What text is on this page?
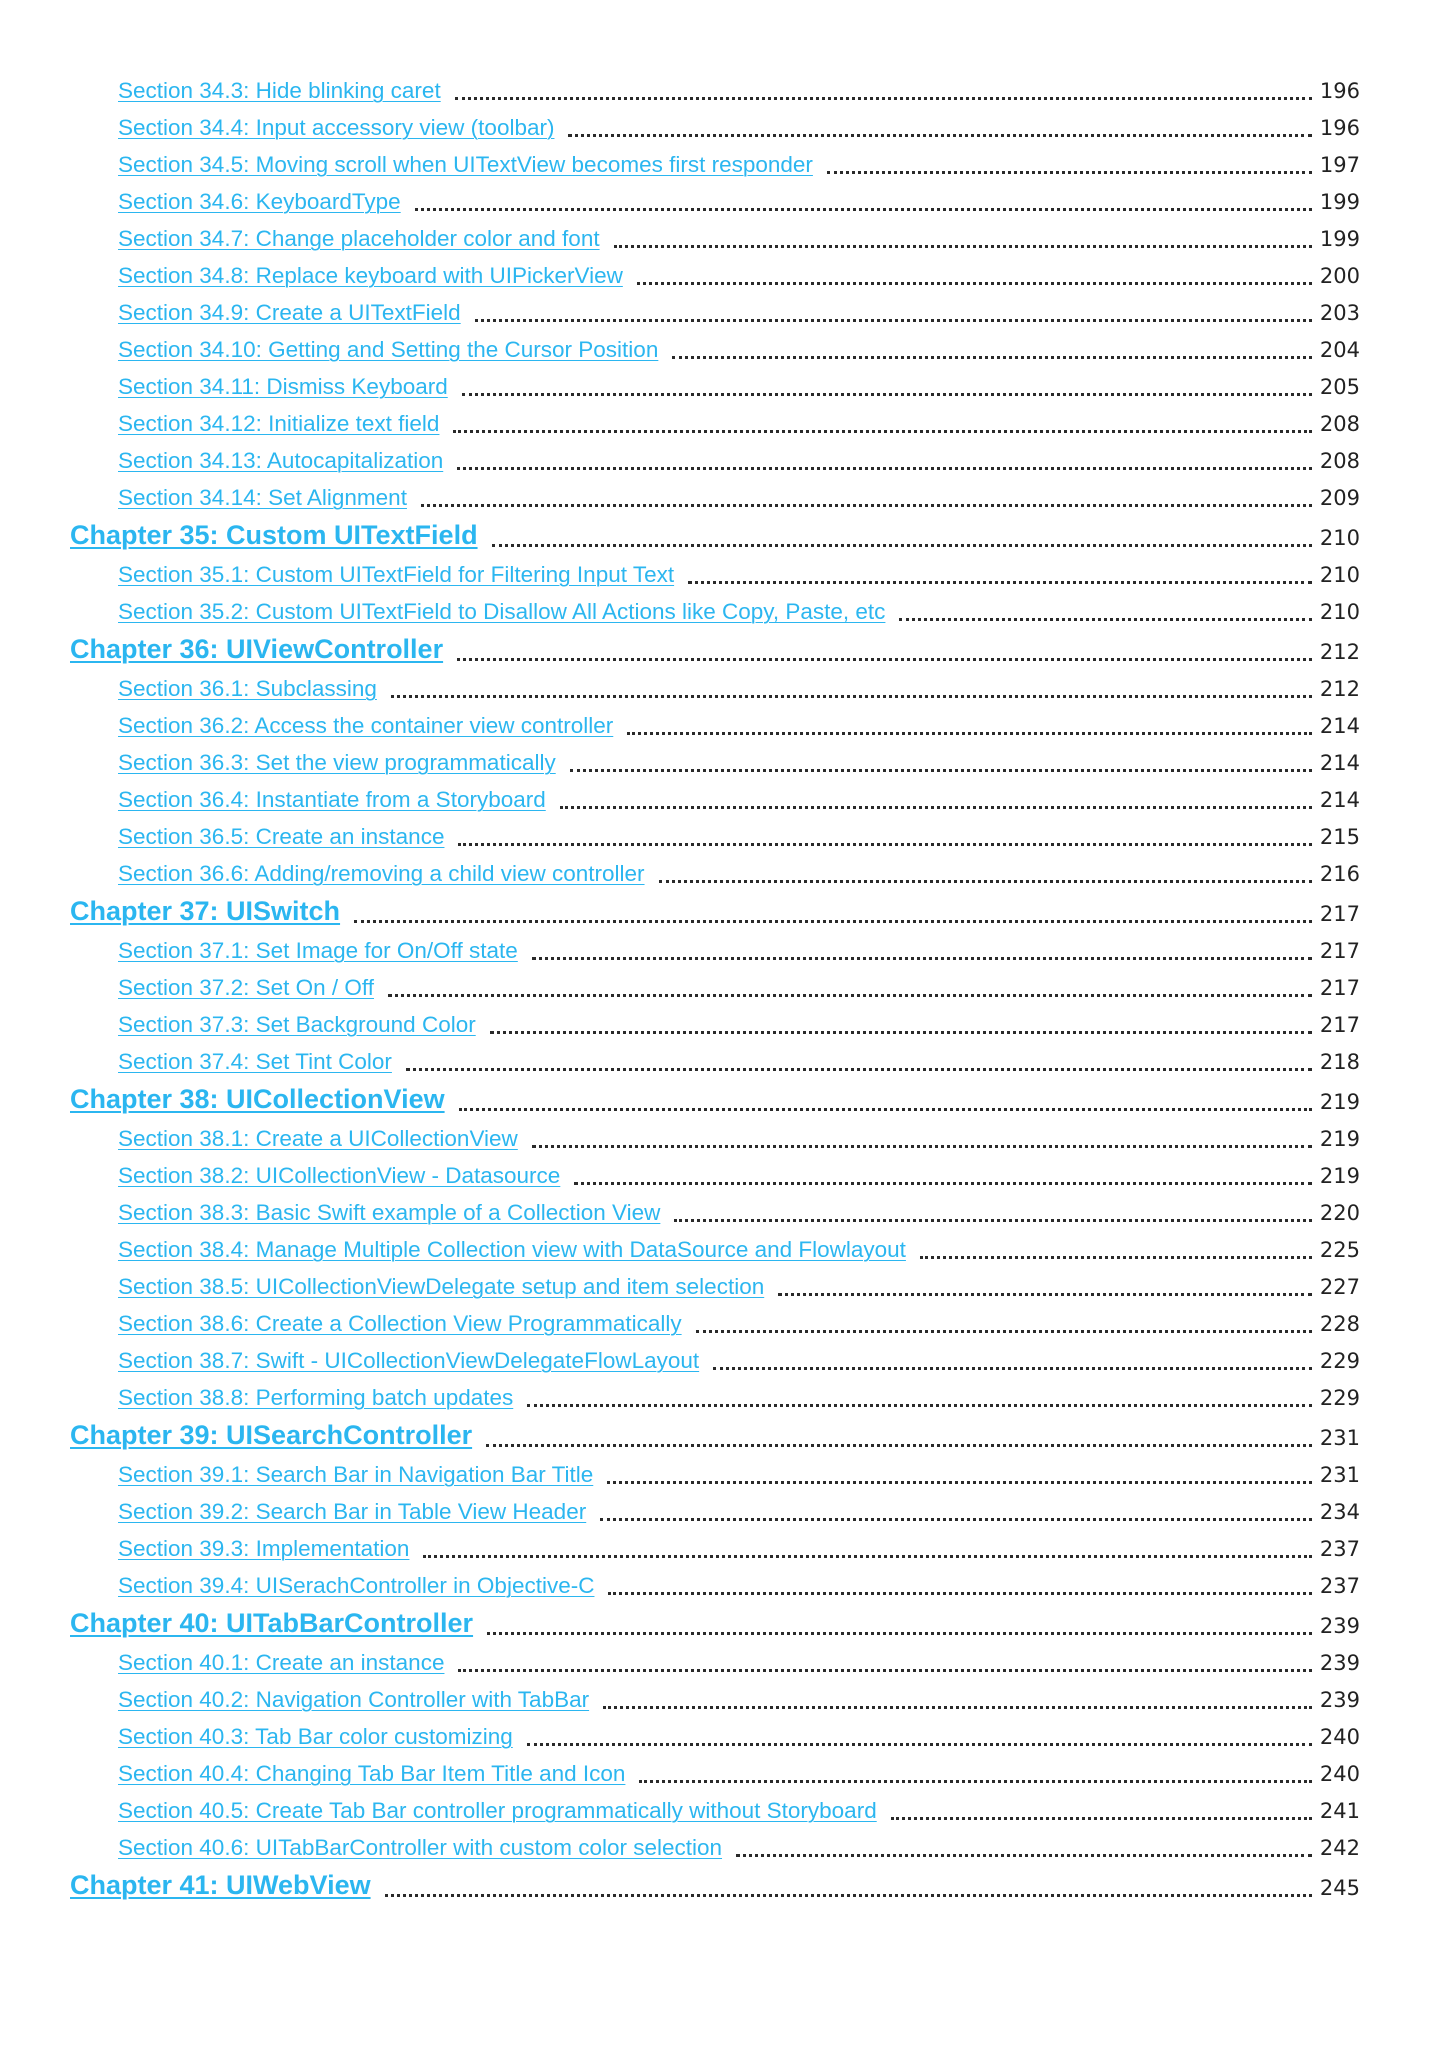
Section 34.3: Hide blinking caret	196
Section 34.4: Input accessory view (toolbar)	196
Section 34.5: Moving scroll when UITextView becomes first responder	197
Section 34.6: KeyboardType	199
Section 34.7: Change placeholder color and font	199
Section 34.8: Replace keyboard with UIPickerView	200
Section 34.9: Create a UITextField	203
Section 34.10: Getting and Setting the Cursor Position	204
Section 34.11: Dismiss Keyboard	205
Section 34.12: Initialize text field	208
Section 34.13: Autocapitalization	208
Section 34.14: Set Alignment	209
Chapter 35: Custom UITextField	210
Section 35.1: Custom UITextField for Filtering Input Text	210
Section 35.2: Custom UITextField to Disallow All Actions like Copy, Paste, etc	210
Chapter 36: UIViewController	212
Section 36.1: Subclassing	212
Section 36.2: Access the container view controller	214
Section 36.3: Set the view programmatically	214
Section 36.4: Instantiate from a Storyboard	214
Section 36.5: Create an instance	215
Section 36.6: Adding/removing a child view controller	216
Chapter 37: UISwitch	217
Section 37.1: Set Image for On/Off state	217
Section 37.2: Set On / Off	217
Section 37.3: Set Background Color	217
Section 37.4: Set Tint Color	218
Chapter 38: UICollectionView	219
Section 38.1: Create a UICollectionView	219
Section 38.2: UICollectionView - Datasource	219
Section 38.3: Basic Swift example of a Collection View	220
Section 38.4: Manage Multiple Collection view with DataSource and Flowlayout	225
Section 38.5: UICollectionViewDelegate setup and item selection	227
Section 38.6: Create a Collection View Programmatically	228
Section 38.7: Swift - UICollectionViewDelegateFlowLayout	229
Section 38.8: Performing batch updates	229
Chapter 39: UISearchController	231
Section 39.1: Search Bar in Navigation Bar Title	231
Section 39.2: Search Bar in Table View Header	234
Section 39.3: Implementation	237
Section 39.4: UISerachController in Objective-C	237
Chapter 40: UITabBarController	239
Section 40.1: Create an instance	239
Section 40.2: Navigation Controller with TabBar	239
Section 40.3: Tab Bar color customizing	240
Section 40.4: Changing Tab Bar Item Title and Icon	240
Section 40.5: Create Tab Bar controller programmatically without Storyboard	241
Section 40.6: UITabBarController with custom color selection	242
Chapter 41: UIWebView	245
